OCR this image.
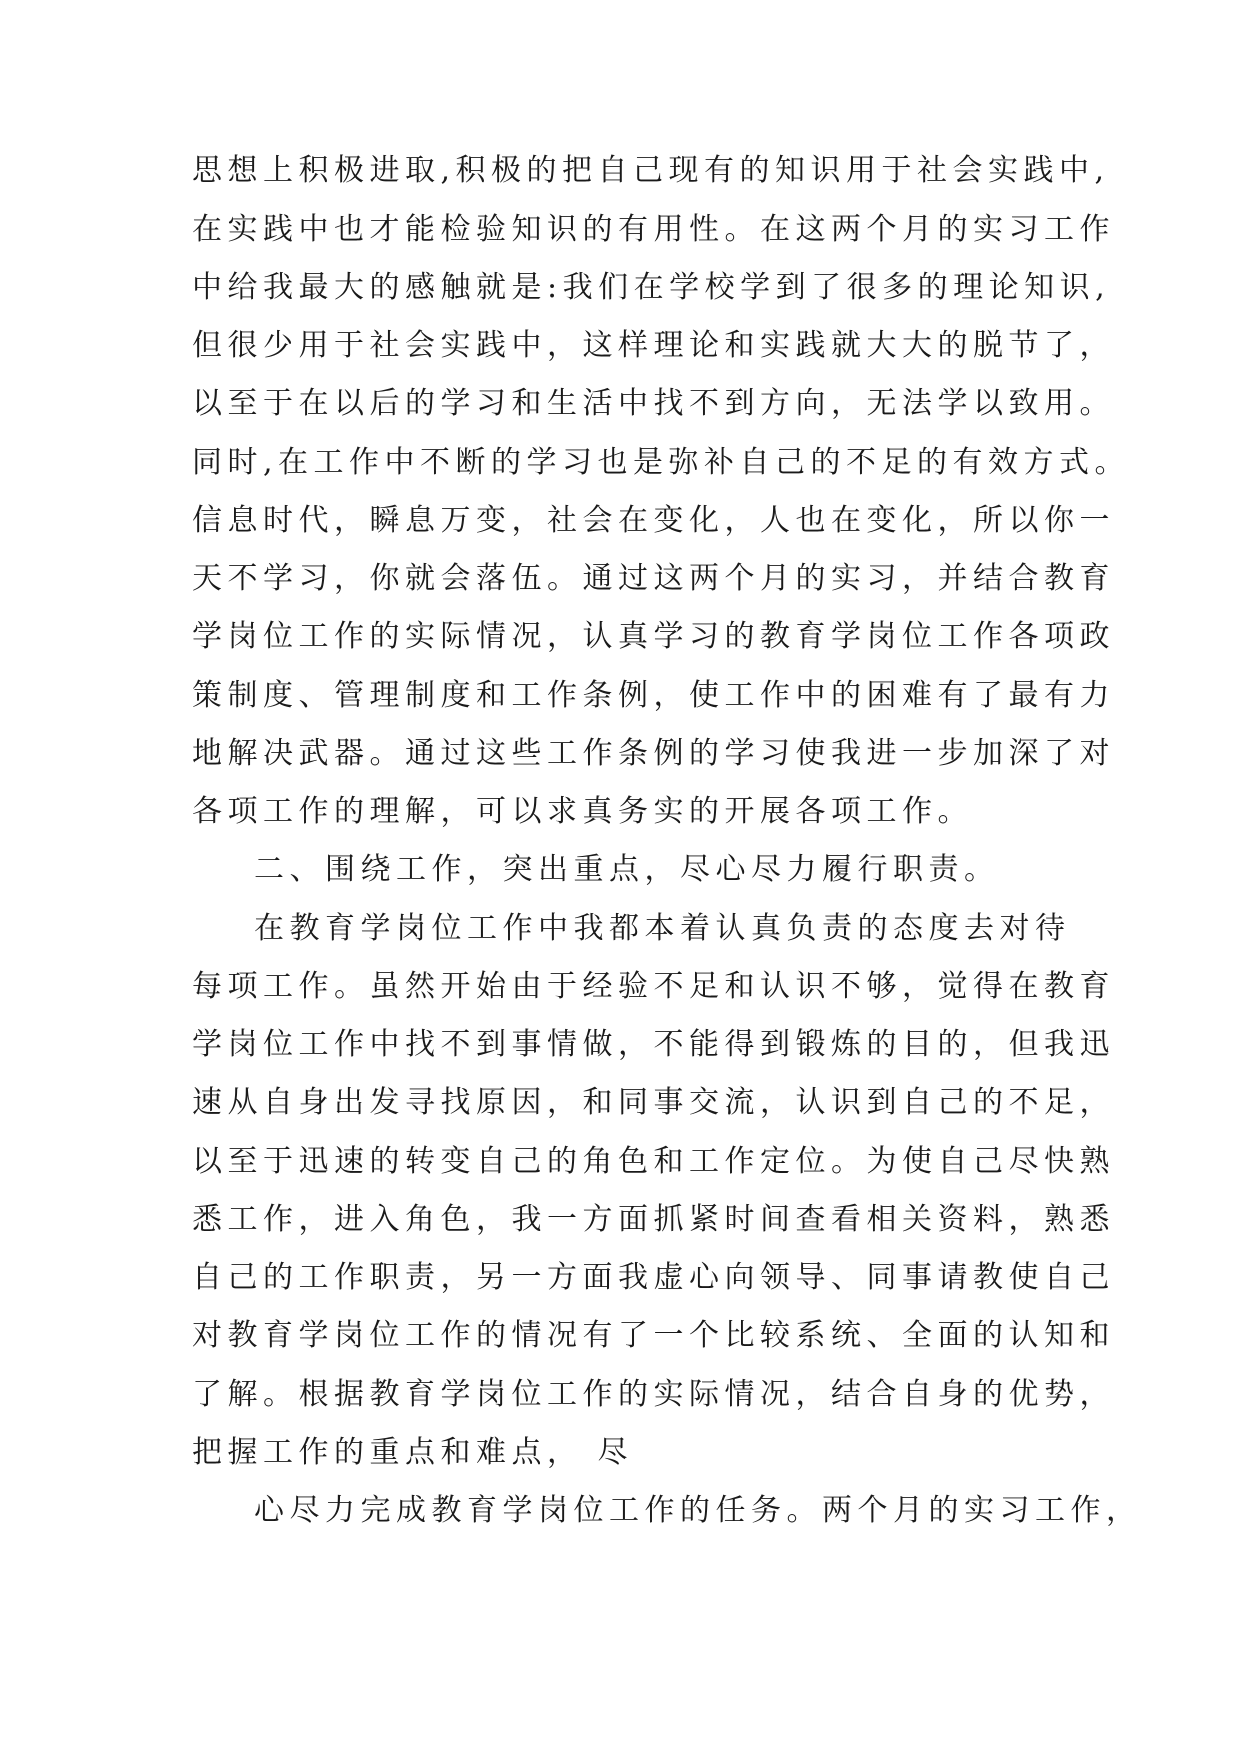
思想上积极进取,积极的把自己现有的知识用于社会实践中,
在实践中也才能检验知识的有用性。在这两个月的实习工作
中给我最大的感触就是:我们在学校学到了很多的理论知识,
但很少用于社会实践中，这样理论和实践就大大的脱节了，
以至于在以后的学习和生活中找不到方向，无法学以致用。
同时,在工作中不断的学习也是弥补自己的不足的有效方式。
信息时代，瞬息万变，社会在变化，人也在变化，所以你一
天不学习，你就会落伍。通过这两个月的实习，并结合教育
学岗位工作的实际情况，认真学习的教育学岗位工作各项政
策制度、管理制度和工作条例，使工作中的困难有了最有力
地解决武器。通过这些工作条例的学习使我进一步加深了对
各项工作的理解，可以求真务实的开展各项工作。
二、围绕工作，突出重点，尽心尽力履行职责。
在教育学岗位工作中我都本着认真负责的态度去对待
每项工作。虽然开始由于经验不足和认识不够，觉得在教育
学岗位工作中找不到事情做，不能得到锻炼的目的，但我迅
速从自身出发寻找原因，和同事交流，认识到自己的不足，
以至于迅速的转变自己的角色和工作定位。为使自己尽快熟
悉工作，进入角色，我一方面抓紧时间查看相关资料，熟悉
自己的工作职责，另一方面我虚心向领导、同事请教使自己
对教育学岗位工作的情况有了一个比较系统、全面的认知和
了解。根据教育学岗位工作的实际情况，结合自身的优势，
把握工作的重点和难点， 尽
心尽力完成教育学岗位工作的任务。两个月的实习工作，
